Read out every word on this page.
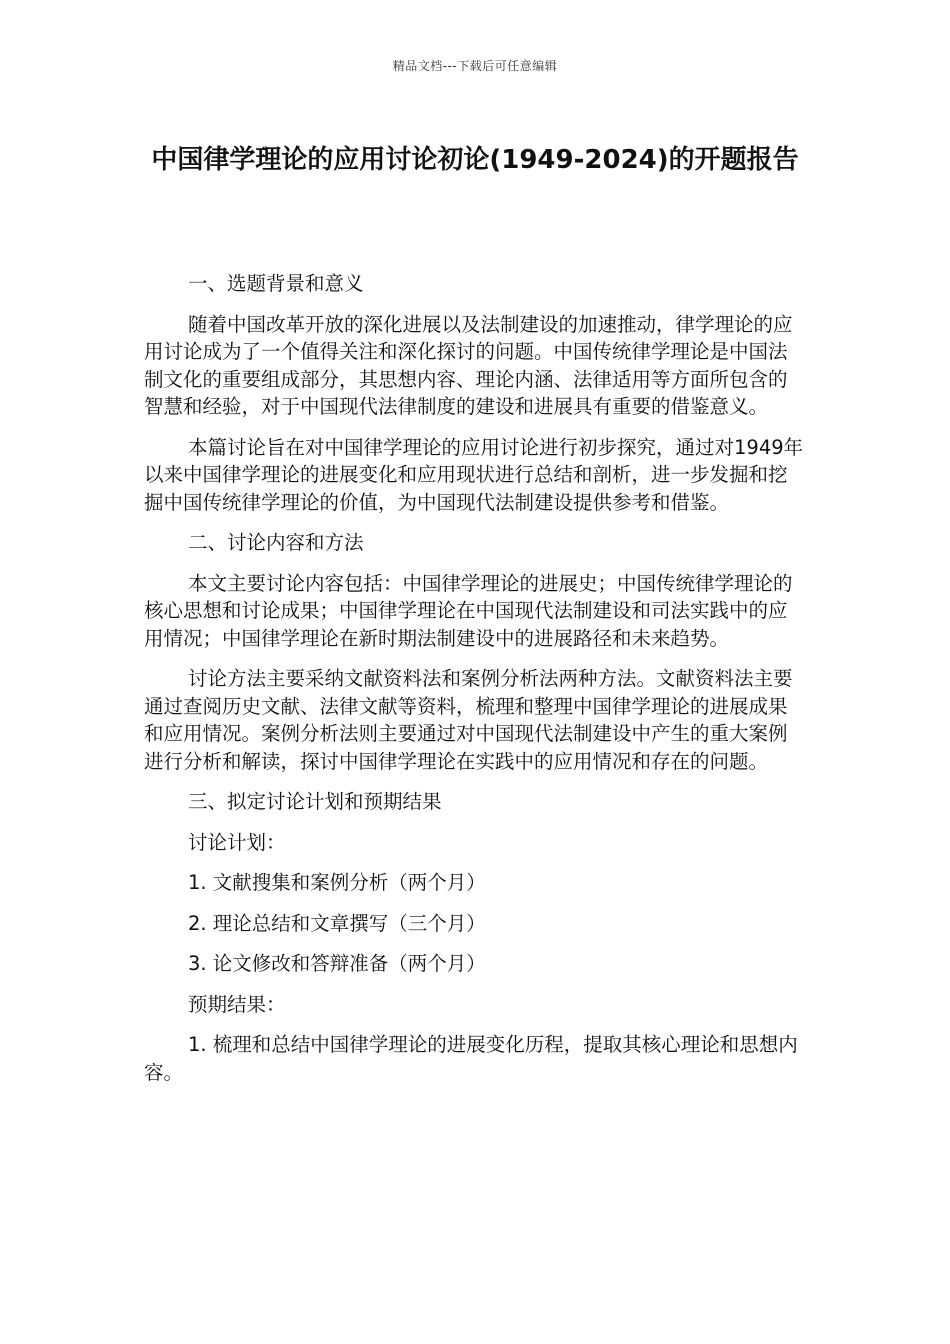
精品文档---下载后可任意编辑
中国律学理论的应用讨论初论(1949-2024)的开题报告

一、选题背景和意义

随着中国改革开放的深化进展以及法制建设的加速推动，律学理论的应用讨论成为了一个值得关注和深化探讨的问题。中国传统律学理论是中国法制文化的重要组成部分，其思想内容、理论内涵、法律适用等方面所包含的智慧和经验，对于中国现代法律制度的建设和进展具有重要的借鉴意义。

本篇讨论旨在对中国律学理论的应用讨论进行初步探究，通过对1949年以来中国律学理论的进展变化和应用现状进行总结和剖析，进一步发掘和挖掘中国传统律学理论的价值，为中国现代法制建设提供参考和借鉴。

二、讨论内容和方法

本文主要讨论内容包括：中国律学理论的进展史；中国传统律学理论的核心思想和讨论成果；中国律学理论在中国现代法制建设和司法实践中的应用情况；中国律学理论在新时期法制建设中的进展路径和未来趋势。

讨论方法主要采纳文献资料法和案例分析法两种方法。文献资料法主要通过查阅历史文献、法律文献等资料，梳理和整理中国律学理论的进展成果和应用情况。案例分析法则主要通过对中国现代法制建设中产生的重大案例进行分析和解读，探讨中国律学理论在实践中的应用情况和存在的问题。

三、拟定讨论计划和预期结果

讨论计划：

1. 文献搜集和案例分析（两个月）

2. 理论总结和文章撰写（三个月）

3. 论文修改和答辩准备（两个月）

预期结果：

1. 梳理和总结中国律学理论的进展变化历程，提取其核心理论和思想内容。
